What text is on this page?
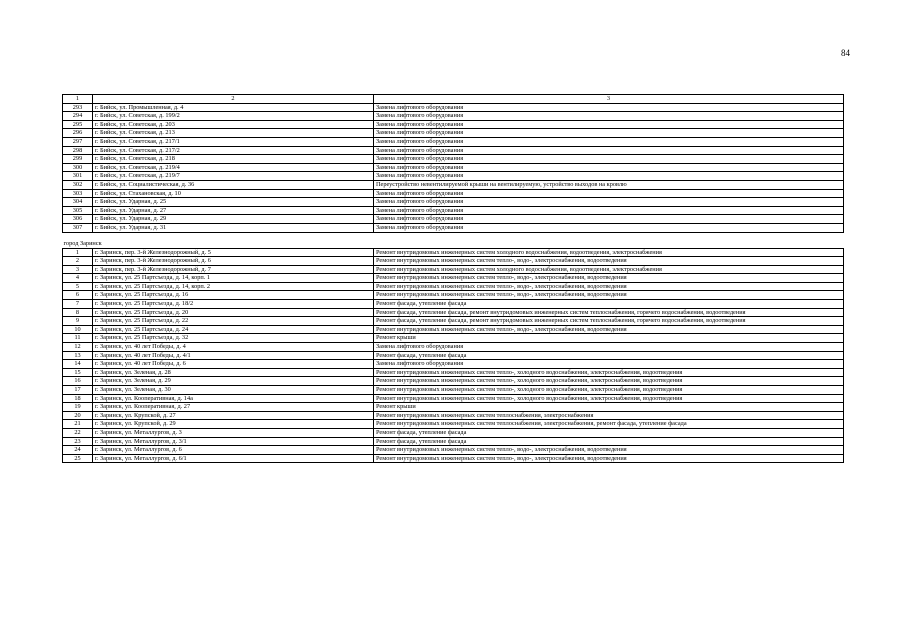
84
1	2	3
293	г. Бийск, ул. Промышленная, д. 4	Замена лифтового оборудования
294	г. Бийск, ул. Советская, д. 199/2	Замена лифтового оборудования
295	г. Бийск, ул. Советская, д. 203	Замена лифтового оборудования
296	г. Бийск, ул. Советская, д. 213	Замена лифтового оборудования
297	г. Бийск, ул. Советская, д. 217/1	Замена лифтового оборудования
298	г. Бийск, ул. Советская, д. 217/2	Замена лифтового оборудования
299	г. Бийск, ул. Советская, д. 218	Замена лифтового оборудования
300	г. Бийск, ул. Советская, д. 219/4	Замена лифтового оборудования
301	г. Бийск, ул. Советская, д. 219/7	Замена лифтового оборудования
302	г. Бийск, ул. Социалистическая, д. 36	Переустройство невентилируемой крыши на вентилируемую, устройство выходов на кровлю
303	г. Бийск, ул. Стахановская, д. 10	Замена лифтового оборудования
304	г. Бийск, ул. Ударная, д. 25	Замена лифтового оборудования
305	г. Бийск, ул. Ударная, д. 27	Замена лифтового оборудования
306	г. Бийск, ул. Ударная, д. 29	Замена лифтового оборудования
307	г. Бийск, ул. Ударная, д. 31	Замена лифтового оборудования

город Заринск		
1	г. Заринск, пер. 3-й Железнодорожный, д. 5	Ремонт внутридомовых инженерных систем холодного водоснабжения, водоотведения, электроснабжения
2	г. Заринск, пер. 3-й Железнодорожный, д. 6	Ремонт внутридомовых инженерных систем тепло-, водо-, электроснабжения, водоотведения
3	г. Заринск, пер. 3-й Железнодорожный, д. 7	Ремонт внутридомовых инженерных систем холодного водоснабжения, водоотведения, электроснабжения
4	г. Заринск, ул. 25 Партсъезда, д. 14, корп. 1	Ремонт внутридомовых инженерных систем тепло-, водо-, электроснабжения, водоотведения
5	г. Заринск, ул. 25 Партсъезда, д. 14, корп. 2	Ремонт внутридомовых инженерных систем тепло-, водо-, электроснабжения, водоотведения
6	г. Заринск, ул. 25 Партсъезда, д. 16	Ремонт внутридомовых инженерных систем тепло-, водо-, электроснабжения, водоотведения
7	г. Заринск, ул. 25 Партсъезда, д. 18/2	Ремонт фасада, утепление фасада
8	г. Заринск, ул. 25 Партсъезда, д. 20	Ремонт фасада, утепление фасада, ремонт внутридомовых инженерных систем теплоснабжения, горячего водоснабжения, водоотведения
9	г. Заринск, ул. 25 Партсъезда, д. 22	Ремонт фасада, утепление фасада, ремонт внутридомовых инженерных систем теплоснабжения, горячего водоснабжения, водоотведения
10	г. Заринск, ул. 25 Партсъезда, д. 24	Ремонт внутридомовых инженерных систем тепло-, водо-, электроснабжения, водоотведения
11	г. Заринск, ул. 25 Партсъезда, д. 32	Ремонт крыши
12	г. Заринск, ул. 40 лет Победы, д. 4	Замена лифтового оборудования
13	г. Заринск, ул. 40 лет Победы, д. 4/1	Ремонт фасада, утепление фасада
14	г. Заринск, ул. 40 лет Победы, д. 6	Замена лифтового оборудования
15	г. Заринск, ул. Зеленая, д. 28	Ремонт внутридомовых инженерных систем тепло-, холодного водоснабжения, электроснабжения, водоотведения
16	г. Заринск, ул. Зеленая, д. 29	Ремонт внутридомовых инженерных систем тепло-, холодного водоснабжения, электроснабжения, водоотведения
17	г. Заринск, ул. Зеленая, д. 30	Ремонт внутридомовых инженерных систем тепло-, холодного водоснабжения, электроснабжения, водоотведения
18	г. Заринск, ул. Кооперативная, д. 14а	Ремонт внутридомовых инженерных систем тепло-, холодного водоснабжения, электроснабжения, водоотведения
19	г. Заринск, ул. Кооперативная, д. 27	Ремонт крыши
20	г. Заринск, ул. Крупской, д. 27	Ремонт внутридомовых инженерных систем теплоснабжения, электроснабжения
21	г. Заринск, ул. Крупской, д. 29	Ремонт внутридомовых инженерных систем теплоснабжения, электроснабжения, ремонт фасада, утепление фасада
22	г. Заринск, ул. Металлургов, д. 3	Ремонт фасада, утепление фасада
23	г. Заринск, ул. Металлургов, д. 3/1	Ремонт фасада, утепление фасада
24	г. Заринск, ул. Металлургов, д. 6	Ремонт внутридомовых инженерных систем тепло-, водо-, электроснабжения, водоотведения
25	г. Заринск, ул. Металлургов, д. 6/1	Ремонт внутридомовых инженерных систем тепло-, водо-, электроснабжения, водоотведения
